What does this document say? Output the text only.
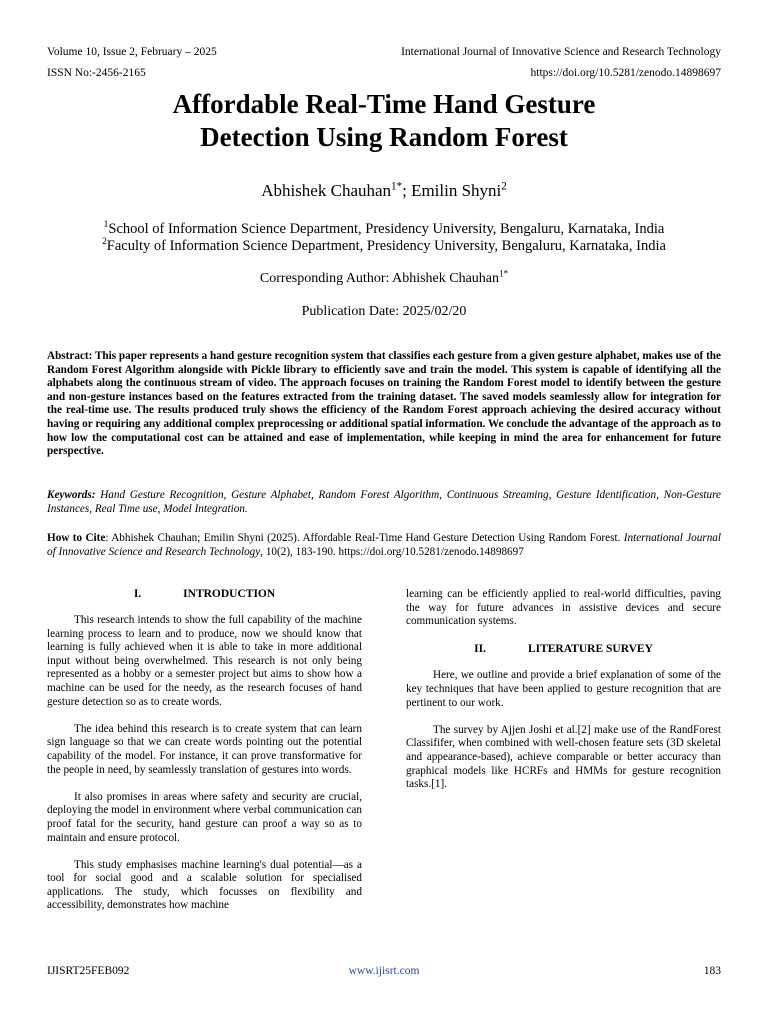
Volume 10, Issue 2, February – 2025	International Journal of Innovative Science and Research Technology
ISSN No:-2456-2165	https://doi.org/10.5281/zenodo.14898697
Affordable Real-Time Hand Gesture
Detection Using Random Forest
Abhishek Chauhan$^{1*}$; Emilin Shyni$^2$
$^1$School of Information Science Department, Presidency University, Bengaluru, Karnataka, India
$^2$Faculty of Information Science Department, Presidency University, Bengaluru, Karnataka, India
Corresponding Author: Abhishek Chauhan$^{1*}$
Publication Date: 2025/02/20
Abstract: This paper represents a hand gesture recognition system that classifies each gesture from a given gesture alphabet, makes use of the Random Forest Algorithm alongside with Pickle library to efficiently save and train the model. This system is capable of identifying all the alphabets along the continuous stream of video. The approach focuses on training the Random Forest model to identify between the gesture and non-gesture instances based on the features extracted from the training dataset. The saved models seamlessly allow for integration for the real-time use. The results produced truly shows the efficiency of the Random Forest approach achieving the desired accuracy without having or requiring any additional complex preprocessing or additional spatial information. We conclude the advantage of the approach as to how low the computational cost can be attained and ease of implementation, while keeping in mind the area for enhancement for future perspective.
Keywords: Hand Gesture Recognition, Gesture Alphabet, Random Forest Algorithm, Continuous Streaming, Gesture Identification, Non-Gesture Instances, Real Time use, Model Integration.
How to Cite: Abhishek Chauhan; Emilin Shyni (2025). Affordable Real-Time Hand Gesture Detection Using Random Forest. International Journal of Innovative Science and Research Technology, 10(2), 183-190. https://doi.org/10.5281/zenodo.14898697
I.	INTRODUCTION

This research intends to show the full capability of the machine learning process to learn and to produce, now we should know that learning is fully achieved when it is able to take in more additional input without being overwhelmed. This research is not only being represented as a hobby or a semester project but aims to show how a machine can be used for the needy, as the research focuses of hand gesture detection so as to create words.

The idea behind this research is to create system that can learn sign language so that we can create words pointing out the potential capability of the model. For instance, it can prove transformative for the people in need, by seamlessly translation of gestures into words.

It also promises in areas where safety and security are crucial, deploying the model in environment where verbal communication can proof fatal for the security, hand gesture can proof a way so as to maintain and ensure protocol.

This study emphasises machine learning's dual potential—as a tool for social good and a scalable solution for specialised applications. The study, which focusses on flexibility and accessibility, demonstrates how machine

learning can be efficiently applied to real-world difficulties, paving the way for future advances in assistive devices and secure communication systems.

II.	LITERATURE SURVEY

Here, we outline and provide a brief explanation of some of the key techniques that have been applied to gesture recognition that are pertinent to our work.

The survey by Ajjen Joshi et al.[2] make use of the RandForest Classififer, when combined with well-chosen feature sets (3D skeletal and appearance-based), achieve comparable or better accuracy than graphical models like HCRFs and HMMs for gesture recognition tasks.[1].

IJISRT25FEB092	www.ijisrt.com	183
